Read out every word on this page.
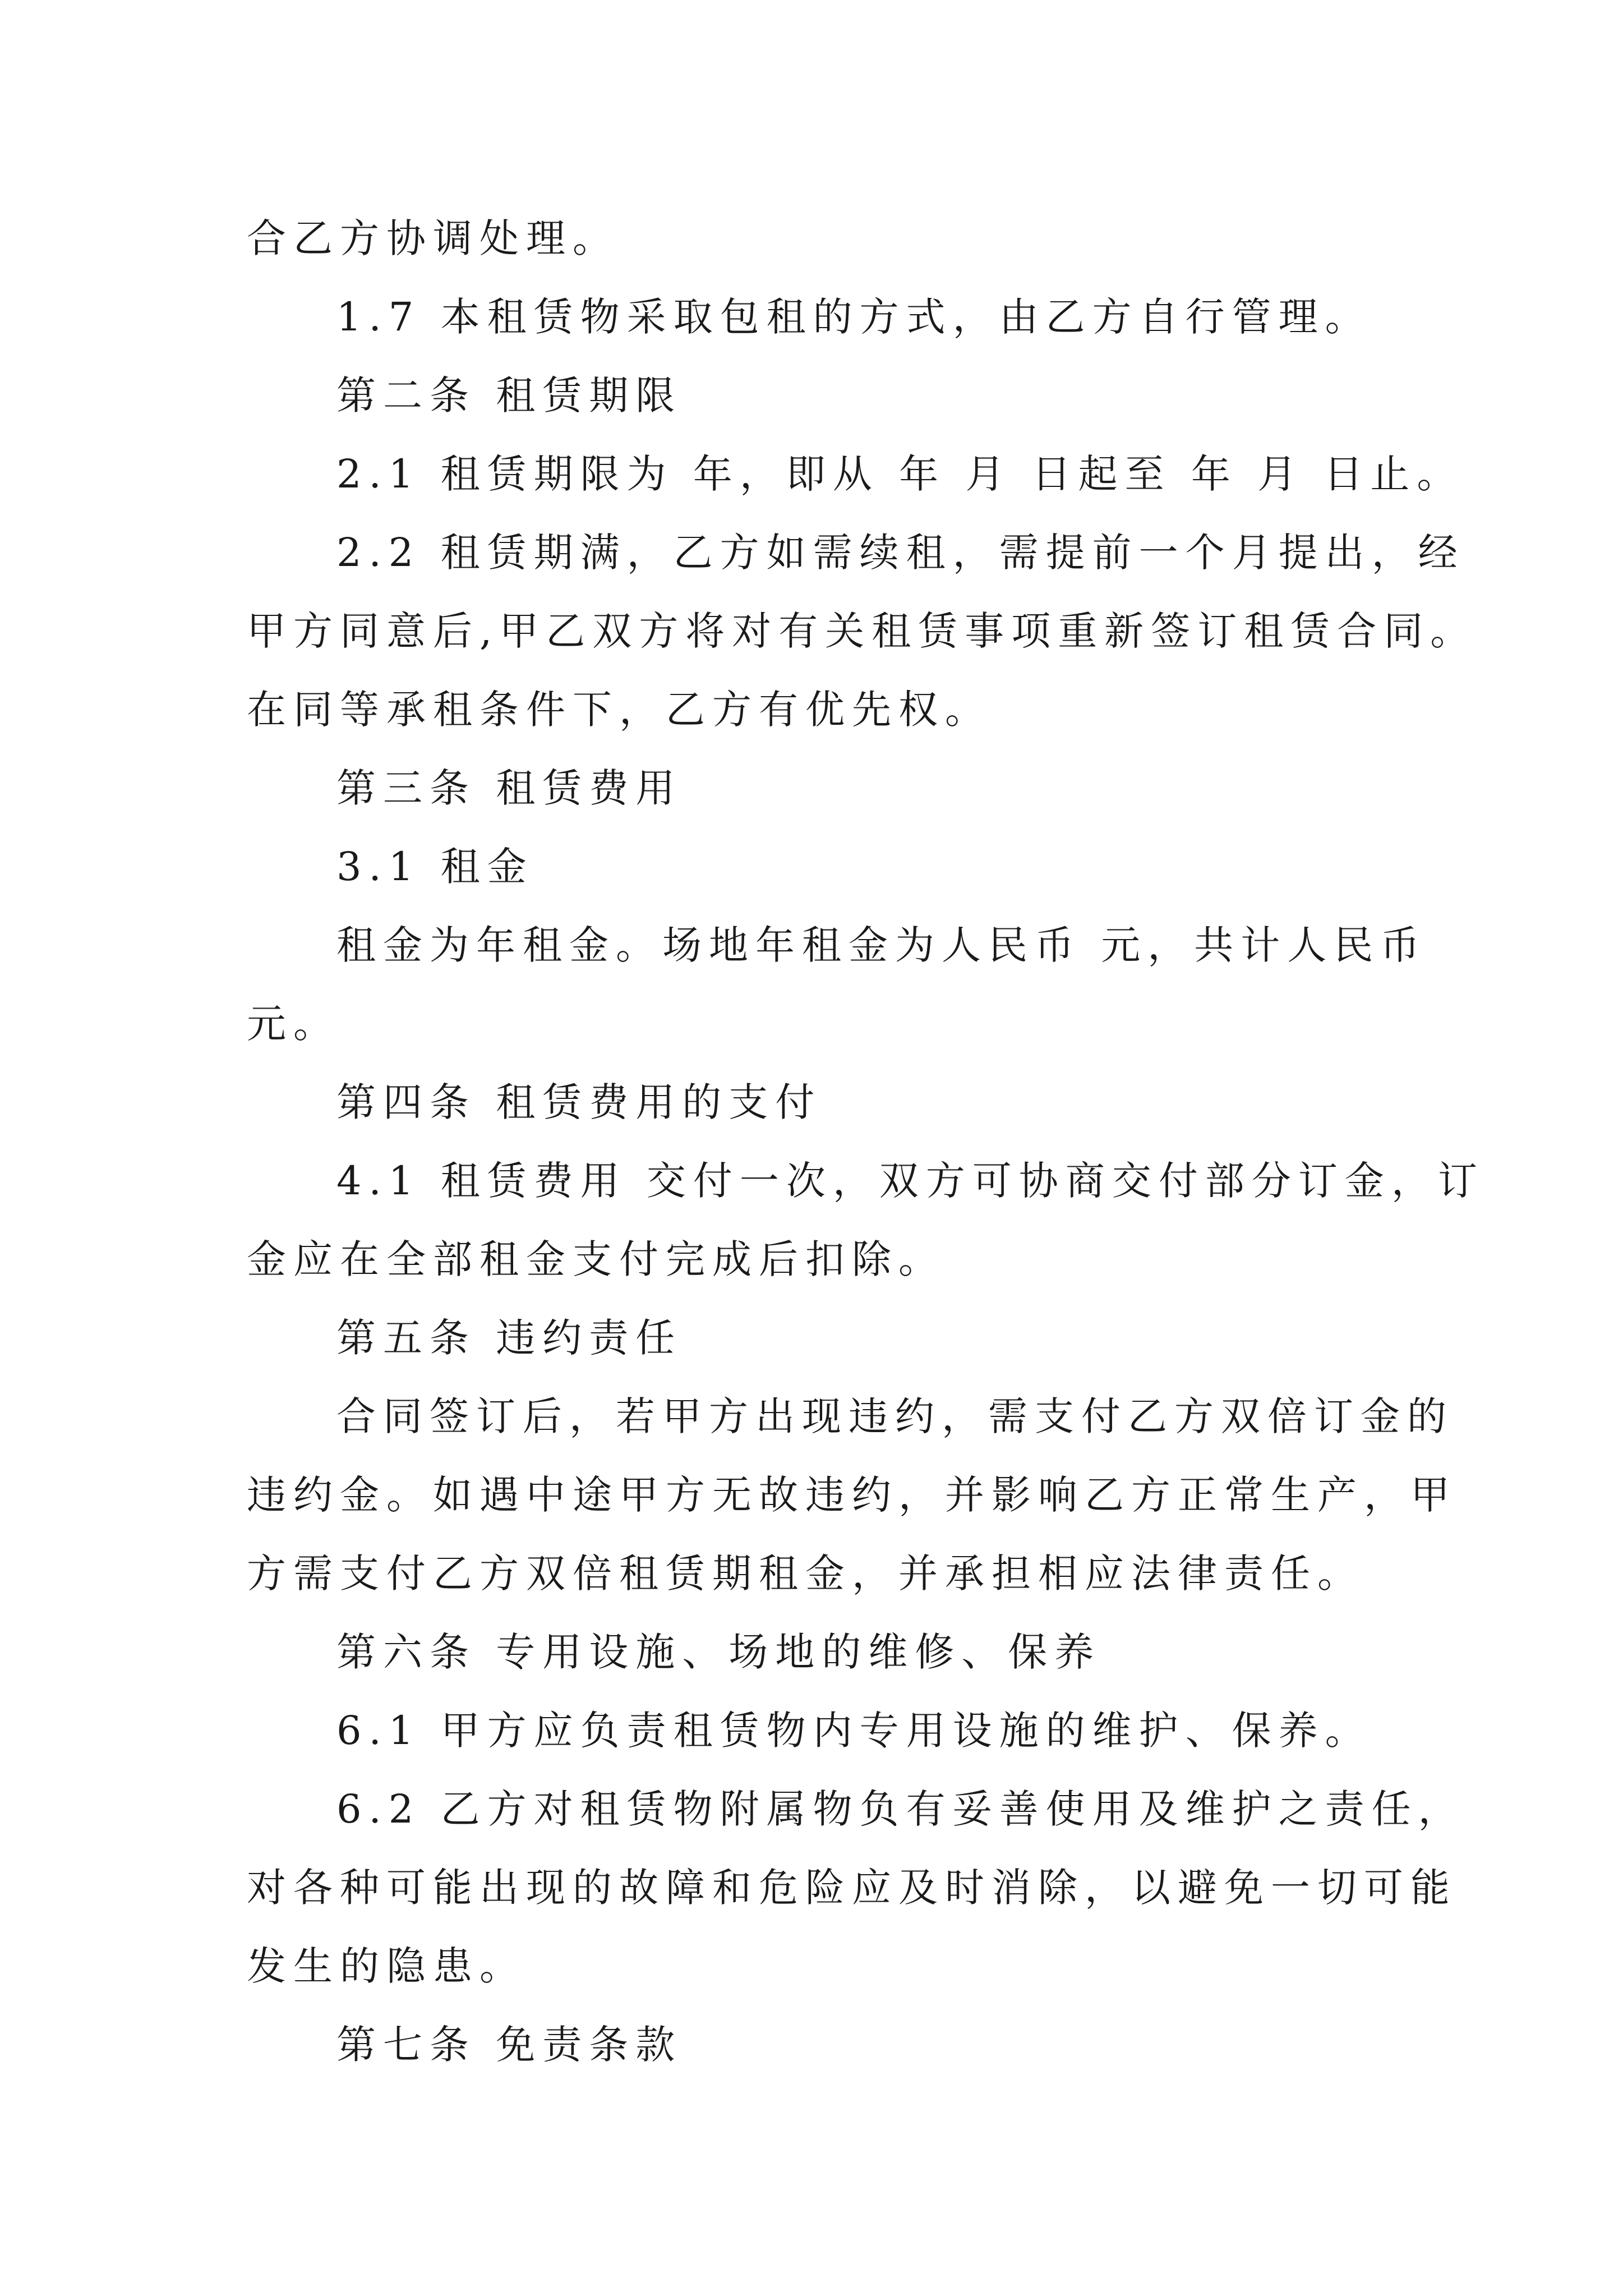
合乙方协调处理。
1.7 本租赁物采取包租的方式，由乙方自行管理。
第二条 租赁期限
2.1 租赁期限为 年，即从 年 月 日起至 年 月 日止。
2.2 租赁期满，乙方如需续租，需提前一个月提出，经
甲方同意后,甲乙双方将对有关租赁事项重新签订租赁合同。
在同等承租条件下，乙方有优先权。
第三条 租赁费用
3.1 租金
租金为年租金。场地年租金为人民币 元，共计人民币
元。
第四条 租赁费用的支付
4.1 租赁费用 交付一次，双方可协商交付部分订金，订
金应在全部租金支付完成后扣除。
第五条 违约责任
合同签订后，若甲方出现违约，需支付乙方双倍订金的
违约金。如遇中途甲方无故违约，并影响乙方正常生产，甲
方需支付乙方双倍租赁期租金，并承担相应法律责任。
第六条 专用设施、场地的维修、保养
6.1 甲方应负责租赁物内专用设施的维护、保养。
6.2 乙方对租赁物附属物负有妥善使用及维护之责任，
对各种可能出现的故障和危险应及时消除，以避免一切可能
发生的隐患。
第七条 免责条款
